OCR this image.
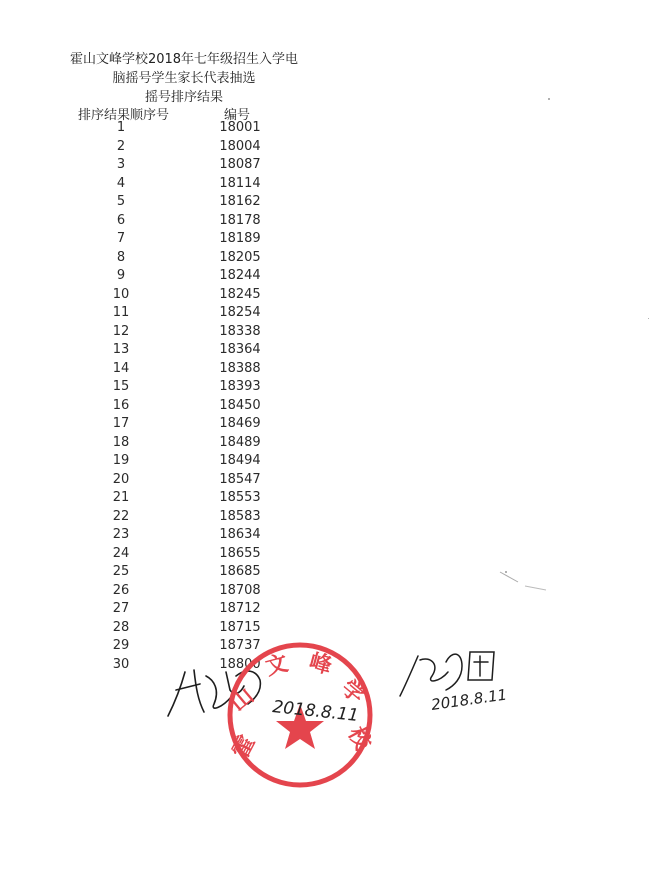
霍山文峰学校2018年七年级招生入学电
脑摇号学生家长代表抽选
摇号排序结果
排序结果顺序号	编号
1	18001
2	18004
3	18087
4	18114
5	18162
6	18178
7	18189
8	18205
9	18244
10	18245
11	18254
12	18338
13	18364
14	18388
15	18393
16	18450
17	18469
18	18489
19	18494
20	18547
21	18553
22	18583
23	18634
24	18655
25	18685
26	18708
27	18712
28	18715
29	18737
30	18800
霍
山
文 峰
学
校
2018.8.11	2018.8.11
